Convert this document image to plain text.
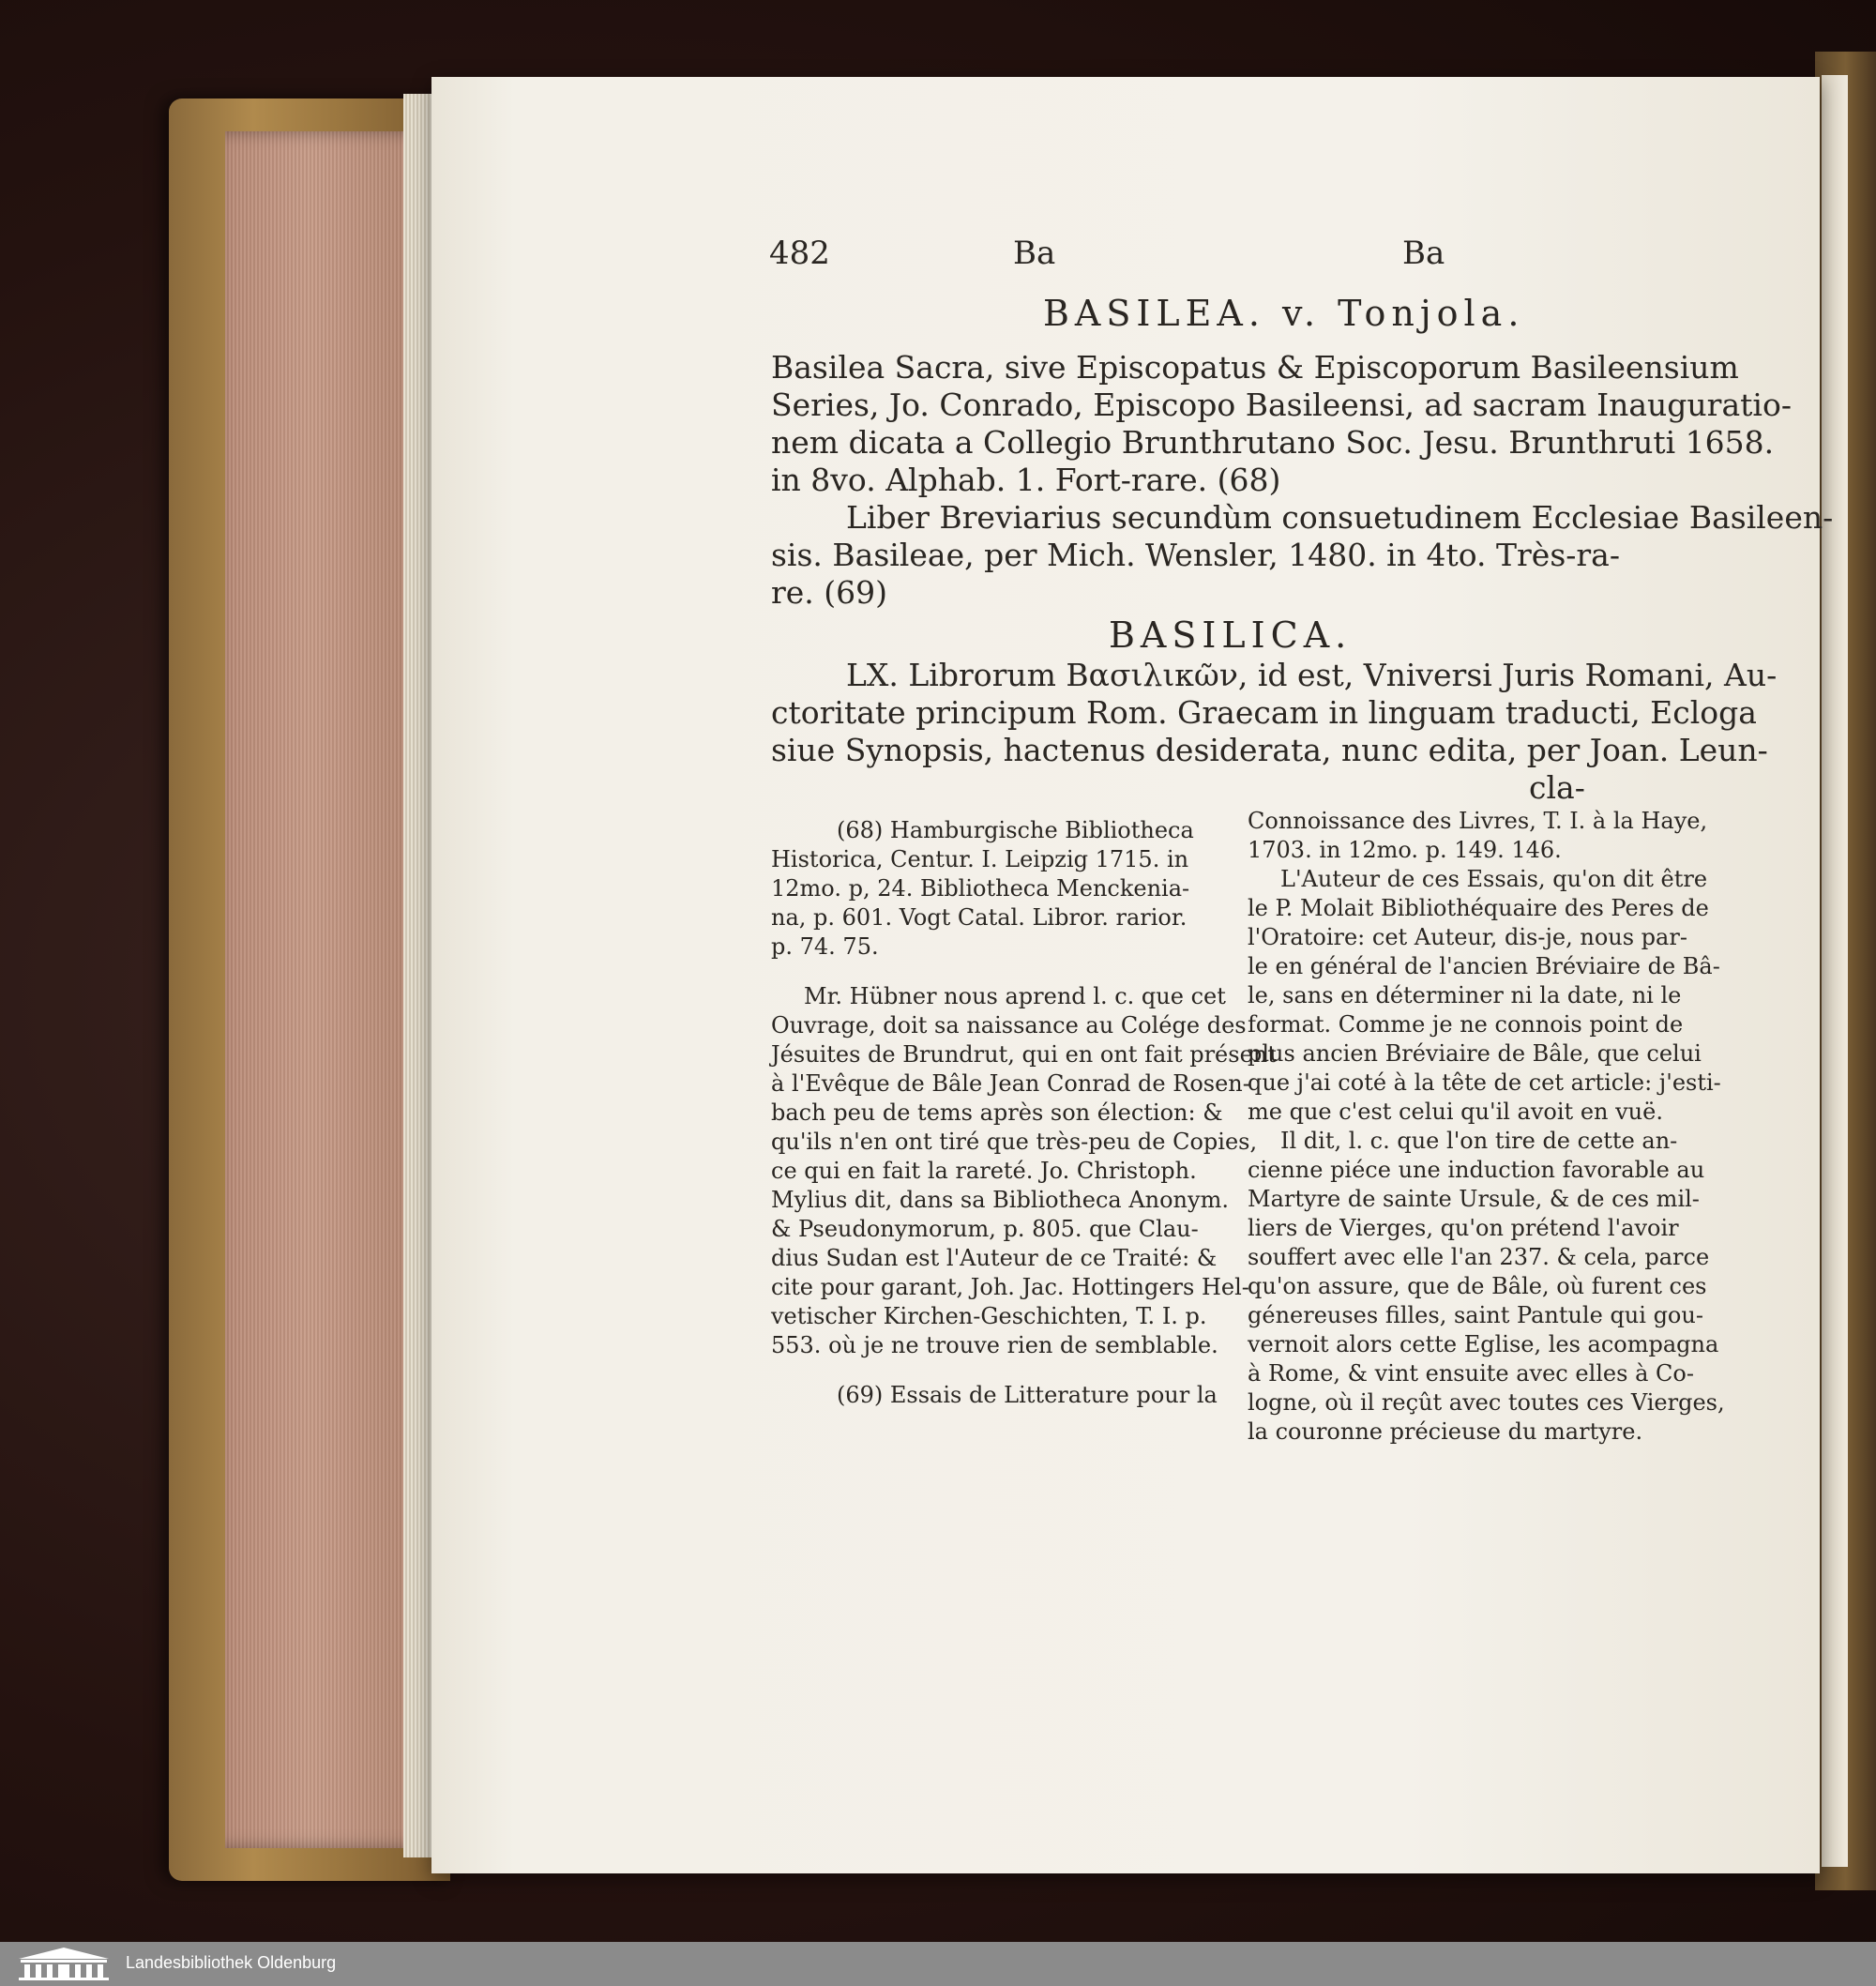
482	Ba	Ba
BASILEA. v. Tonjola.
Basilea Sacra, sive Episcopatus & Episcoporum Basileensium
Series, Jo. Conrado, Episcopo Basileensi, ad sacram Inauguratio-
nem dicata a Collegio Brunthrutano Soc. Jesu. Brunthruti 1658.
in 8vo. Alphab. 1. Fort-rare. (68)
Liber Breviarius secundùm consuetudinem Ecclesiae Basileen-
sis. Basileae, per Mich. Wensler, 1480. in 4to. Très-ra-
re. (69)
BASILICA.
LX. Librorum Βασιλικῶν, id est, Vniversi Juris Romani, Au-
ctoritate principum Rom. Graecam in linguam traducti, Ecloga
siue Synopsis, hactenus desiderata, nunc edita, per Joan. Leun-
cla-
(68) Hamburgische Bibliotheca
Historica, Centur. I. Leipzig 1715. in
12mo. p, 24. Bibliotheca Menckenia-
na, p. 601. Vogt Catal. Libror. rarior.
p. 74. 75.
Mr. Hübner nous aprend l. c. que cet
Ouvrage, doit sa naissance au Colége des
Jésuites de Brundrut, qui en ont fait présent
à l'Evêque de Bâle Jean Conrad de Rosen-
bach peu de tems après son élection: &
qu'ils n'en ont tiré que très-peu de Copies,
ce qui en fait la rareté. Jo. Christoph.
Mylius dit, dans sa Bibliotheca Anonym.
& Pseudonymorum, p. 805. que Clau-
dius Sudan est l'Auteur de ce Traité: &
cite pour garant, Joh. Jac. Hottingers Hel-
vetischer Kirchen-Geschichten, T. I. p.
553. où je ne trouve rien de semblable.
(69) Essais de Litterature pour la
Connoissance des Livres, T. I. à la Haye,
1703. in 12mo. p. 149. 146.
L'Auteur de ces Essais, qu'on dit être
le P. Molait Bibliothéquaire des Peres de
l'Oratoire: cet Auteur, dis-je, nous par-
le en général de l'ancien Bréviaire de Bâ-
le, sans en déterminer ni la date, ni le
format. Comme je ne connois point de
plus ancien Bréviaire de Bâle, que celui
que j'ai coté à la tête de cet article: j'esti-
me que c'est celui qu'il avoit en vuë.
Il dit, l. c. que l'on tire de cette an-
cienne piéce une induction favorable au
Martyre de sainte Ursule, & de ces mil-
liers de Vierges, qu'on prétend l'avoir
souffert avec elle l'an 237. & cela, parce
qu'on assure, que de Bâle, où furent ces
génereuses filles, saint Pantule qui gou-
vernoit alors cette Eglise, les acompagna
à Rome, & vint ensuite avec elles à Co-
logne, où il reçût avec toutes ces Vierges,
la couronne précieuse du martyre.
Landesbibliothek Oldenburg
